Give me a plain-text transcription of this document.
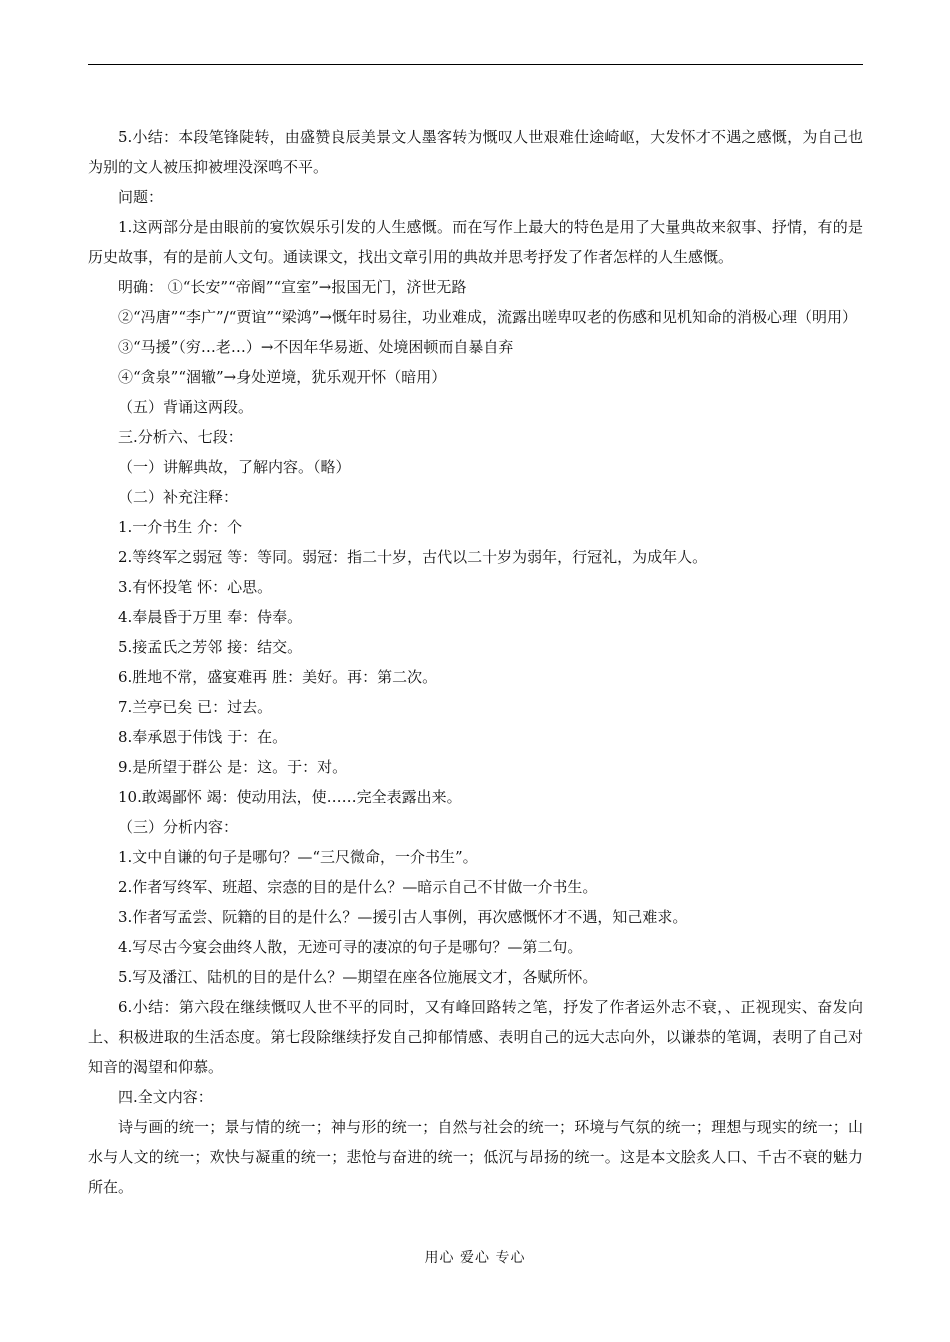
5.小结：本段笔锋陡转，由盛赞良辰美景文人墨客转为慨叹人世艰难仕途崎岖，大发怀才不遇之感慨，为自己也为别的文人被压抑被埋没深鸣不平。

问题：

1.这两部分是由眼前的宴饮娱乐引发的人生感慨。而在写作上最大的特色是用了大量典故来叙事、抒情，有的是历史故事，有的是前人文句。通读课文，找出文章引用的典故并思考抒发了作者怎样的人生感慨。

明确： ①“长安”“帝阍”“宣室”→报国无门，济世无路

②“冯唐”“李广”/“贾谊”“梁鸿”→慨年时易往，功业难成，流露出嗟卑叹老的伤感和见机知命的消极心理（明用）

③“马援”（穷…老…）→不因年华易逝、处境困顿而自暴自弃

④“贪泉”“涸辙”→身处逆境，犹乐观开怀（暗用）

（五）背诵这两段。

三.分析六、七段：

（一）讲解典故，了解内容。（略）

（二）补充注释：

1.一介书生 介：个

2.等终军之弱冠 等：等同。弱冠：指二十岁，古代以二十岁为弱年，行冠礼，为成年人。

3.有怀投笔 怀：心思。

4.奉晨昏于万里 奉：侍奉。

5.接孟氏之芳邻 接：结交。

6.胜地不常，盛宴难再 胜：美好。再：第二次。

7.兰亭已矣 已：过去。

8.奉承恩于伟饯 于：在。

9.是所望于群公 是：这。于：对。

10.敢竭鄙怀 竭：使动用法，使……完全表露出来。

（三）分析内容：

1.文中自谦的句子是哪句？—“三尺微命，一介书生”。

2.作者写终军、班超、宗悫的目的是什么？—暗示自己不甘做一介书生。

3.作者写孟尝、阮籍的目的是什么？—援引古人事例，再次感慨怀才不遇，知己难求。

4.写尽古今宴会曲终人散，无迹可寻的凄凉的句子是哪句？—第二句。

5.写及潘江、陆机的目的是什么？—期望在座各位施展文才，各赋所怀。

6.小结：第六段在继续慨叹人世不平的同时，又有峰回路转之笔，抒发了作者运外志不衰，、正视现实、奋发向上、积极进取的生活态度。第七段除继续抒发自己抑郁情感、表明自己的远大志向外，以谦恭的笔调，表明了自己对知音的渴望和仰慕。

四.全文内容：

诗与画的统一；景与情的统一；神与形的统一；自然与社会的统一；环境与气氛的统一；理想与现实的统一；山水与人文的统一；欢快与凝重的统一；悲怆与奋进的统一；低沉与昂扬的统一。这是本文脍炙人口、千古不衰的魅力所在。

用心 爱心 专心
